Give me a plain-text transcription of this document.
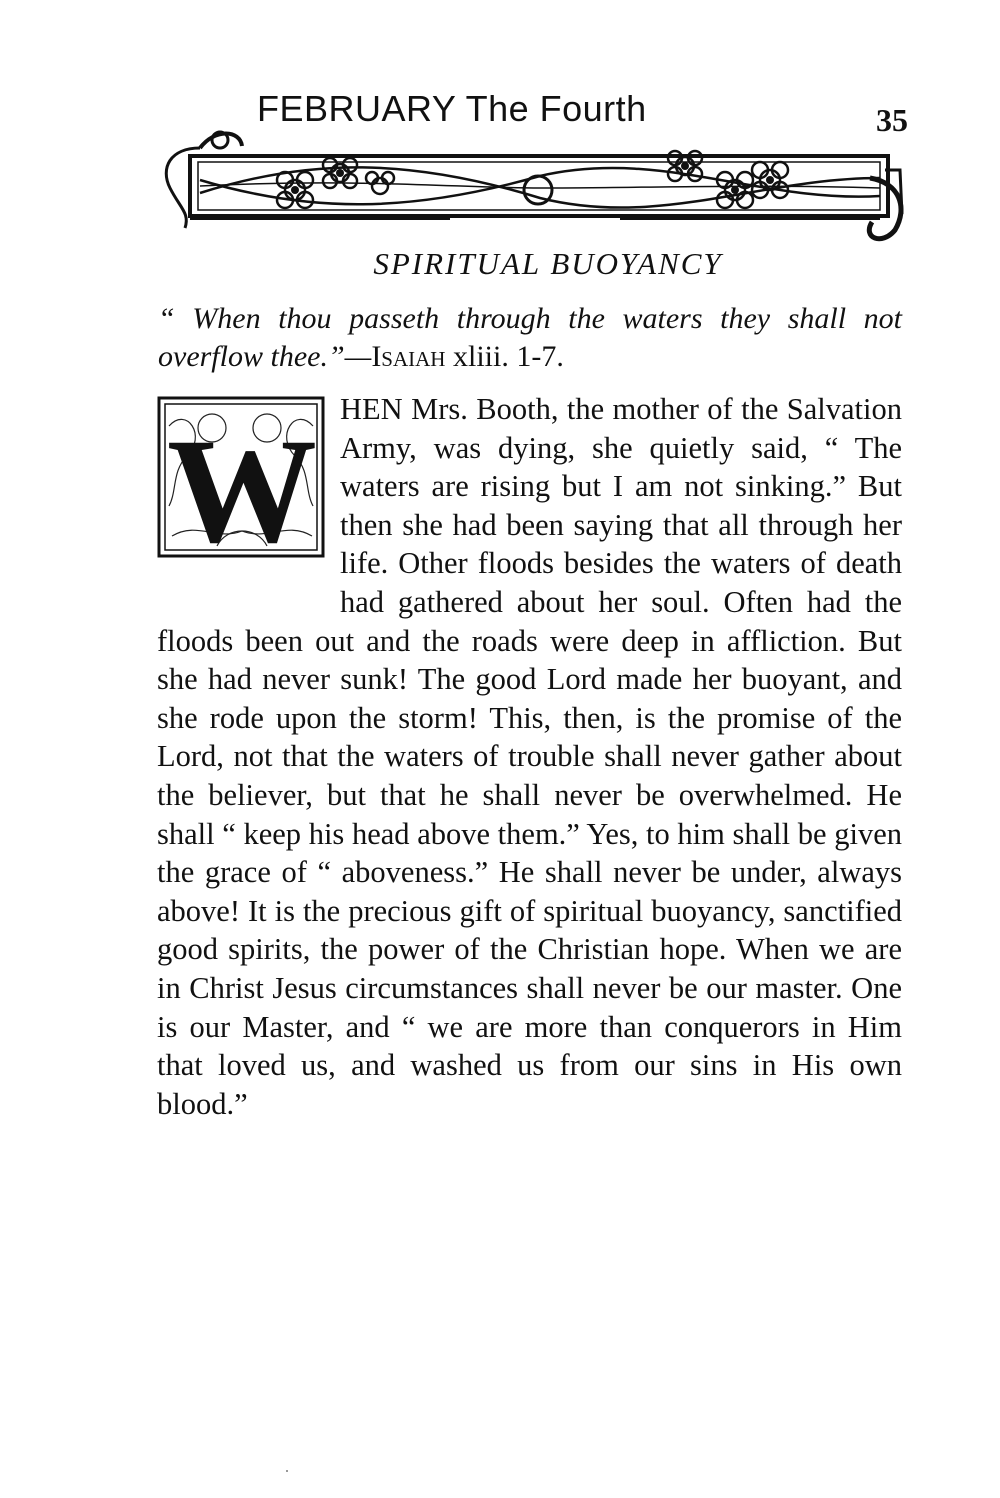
FEBRUARY The Fourth	35
SPIRITUAL BUOYANCY
“ When thou passeth through the waters they shall not overflow thee.”—Isaiah xliii. 1-7.
W HEN Mrs. Booth, the mother of the Salvation Army, was dying, she quietly said, “ The waters are rising but I am not sinking.” But then she had been saying that all through her life. Other floods besides the waters of death had gathered about her soul. Often had the floods been out and the roads were deep in affliction. But she had never sunk! The good Lord made her buoyant, and she rode upon the storm! This, then, is the promise of the Lord, not that the waters of trouble shall never gather about the believer, but that he shall never be overwhelmed. He shall “ keep his head above them.” Yes, to him shall be given the grace of “ aboveness.” He shall never be under, always above! It is the precious gift of spiritual buoyancy, sanctified good spirits, the power of the Christian hope. When we are in Christ Jesus circumstances shall never be our master. One is our Master, and “ we are more than conquerors in Him that loved us, and washed us from our sins in His own blood.”
